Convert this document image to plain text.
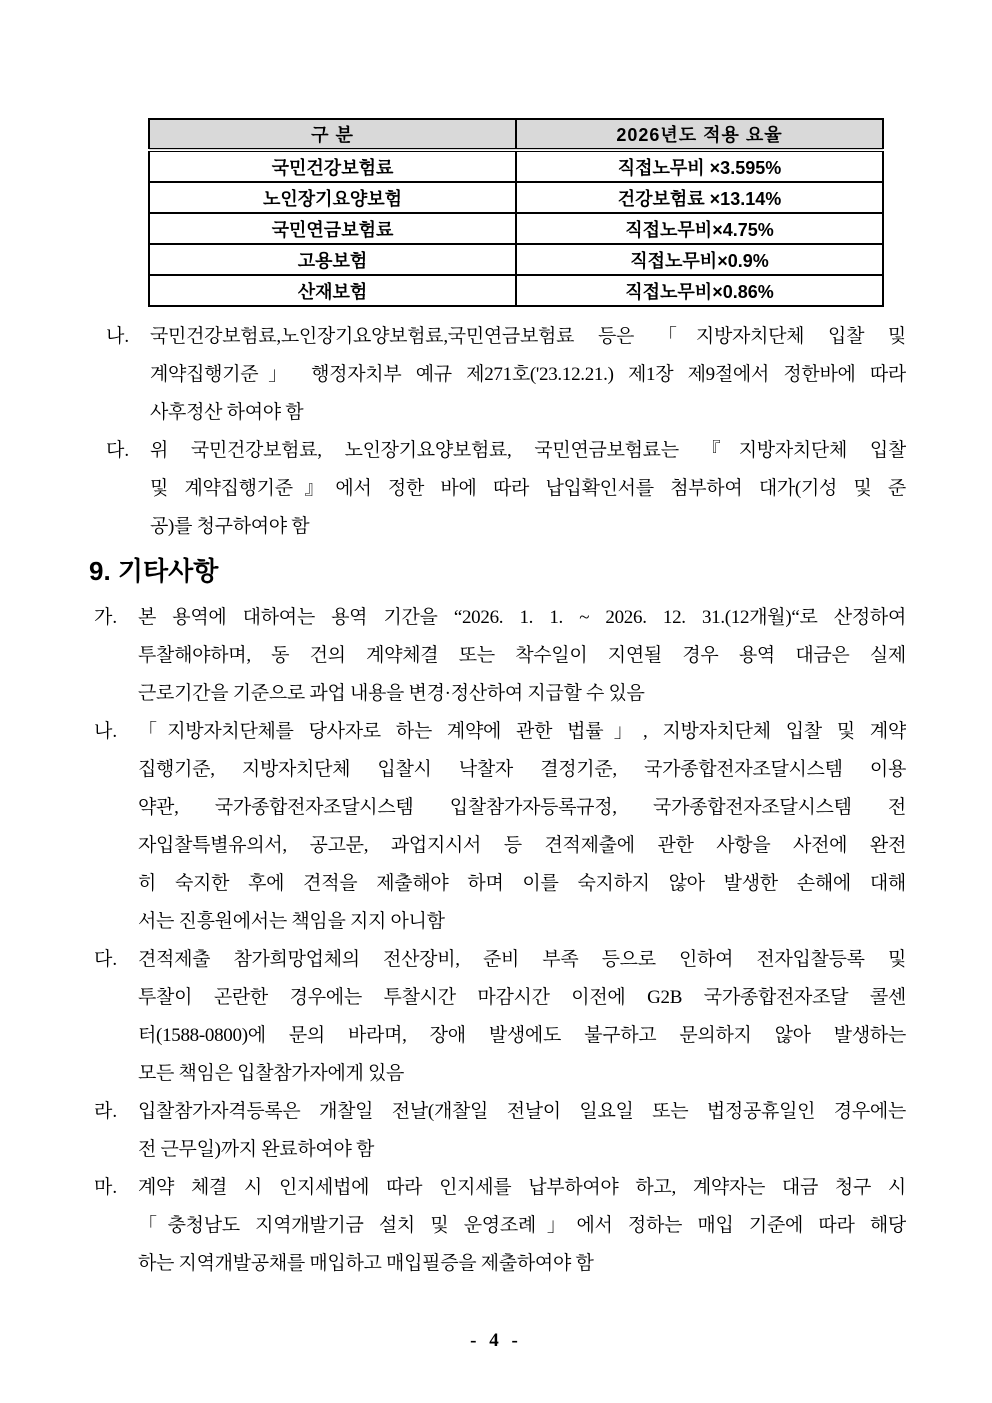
구 분	2026년도 적용 요율
국민건강보험료	직접노무비 ×3.595%
노인장기요양보험	건강보험료 ×13.14%
국민연금보험료	직접노무비×4.75%
고용보험	직접노무비×0.9%
산재보험	직접노무비×0.86%
나.	국민건강보험료,노인장기요양보험료,국민연금보험료 등은 「지방자치단체 입찰 및
계약집행기준」 행정자치부 예규 제271호('23.12.21.) 제1장 제9절에서 정한바에 따라
사후정산 하여야 함
다.	위 국민건강보험료, 노인장기요양보험료, 국민연금보험료는 『지방자치단체 입찰
및 계약집행기준』에서 정한 바에 따라 납입확인서를 첨부하여 대가(기성 및 준
공)를 청구하여야 함
9. 기타사항
가.	본 용역에 대하여는 용역 기간을 “2026. 1. 1. ~ 2026. 12. 31.(12개월)“로 산정하여
투찰해야하며, 동 건의 계약체결 또는 착수일이 지연될 경우 용역 대금은 실제
근로기간을 기준으로 과업 내용을 변경·정산하여 지급할 수 있음
나.	「지방자치단체를 당사자로 하는 계약에 관한 법률」, 지방자치단체 입찰 및 계약
집행기준, 지방자치단체 입찰시 낙찰자 결정기준, 국가종합전자조달시스템 이용
약관, 국가종합전자조달시스템 입찰참가자등록규정, 국가종합전자조달시스템 전
자입찰특별유의서, 공고문, 과업지시서 등 견적제출에 관한 사항을 사전에 완전
히 숙지한 후에 견적을 제출해야 하며 이를 숙지하지 않아 발생한 손해에 대해
서는 진흥원에서는 책임을 지지 아니함
다.	견적제출 참가희망업체의 전산장비, 준비 부족 등으로 인하여 전자입찰등록 및
투찰이 곤란한 경우에는 투찰시간 마감시간 이전에 G2B 국가종합전자조달 콜센
터(1588-0800)에 문의 바라며, 장애 발생에도 불구하고 문의하지 않아 발생하는
모든 책임은 입찰참가자에게 있음
라.	입찰참가자격등록은 개찰일 전날(개찰일 전날이 일요일 또는 법정공휴일인 경우에는
전 근무일)까지 완료하여야 함
마.	계약 체결 시 인지세법에 따라 인지세를 납부하여야 하고, 계약자는 대금 청구 시
「충청남도 지역개발기금 설치 및 운영조례」에서 정하는 매입 기준에 따라 해당
하는 지역개발공채를 매입하고 매입필증을 제출하여야 함
- 4 -
